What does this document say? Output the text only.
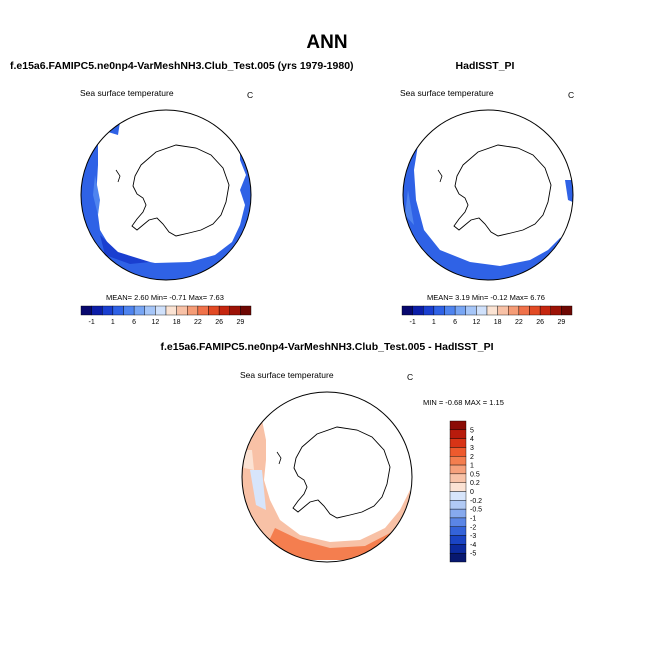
ANN
f.e15a6.FAMIPC5.ne0np4-VarMeshNH3.Club_Test.005 (yrs 1979-1980)	HadISST_PI
f.e15a6.FAMIPC5.ne0np4-VarMeshNH3.Club_Test.005 - HadISST_PI
Sea surface temperature	C	Sea surface temperature	C
Sea surface temperature	C
MEAN= 2.60 Min= -0.71 Max= 7.63	MEAN= 3.19 Min= -0.12 Max= 6.76
MIN = -0.68 MAX = 1.15
-1 1 6 12 18 22 26 29	-1 1 6 12 18 22 26 29
5
4
3
2
1
0.5
0.2
0
-0.2
-0.5
-1
-2
-3
-4
-5
